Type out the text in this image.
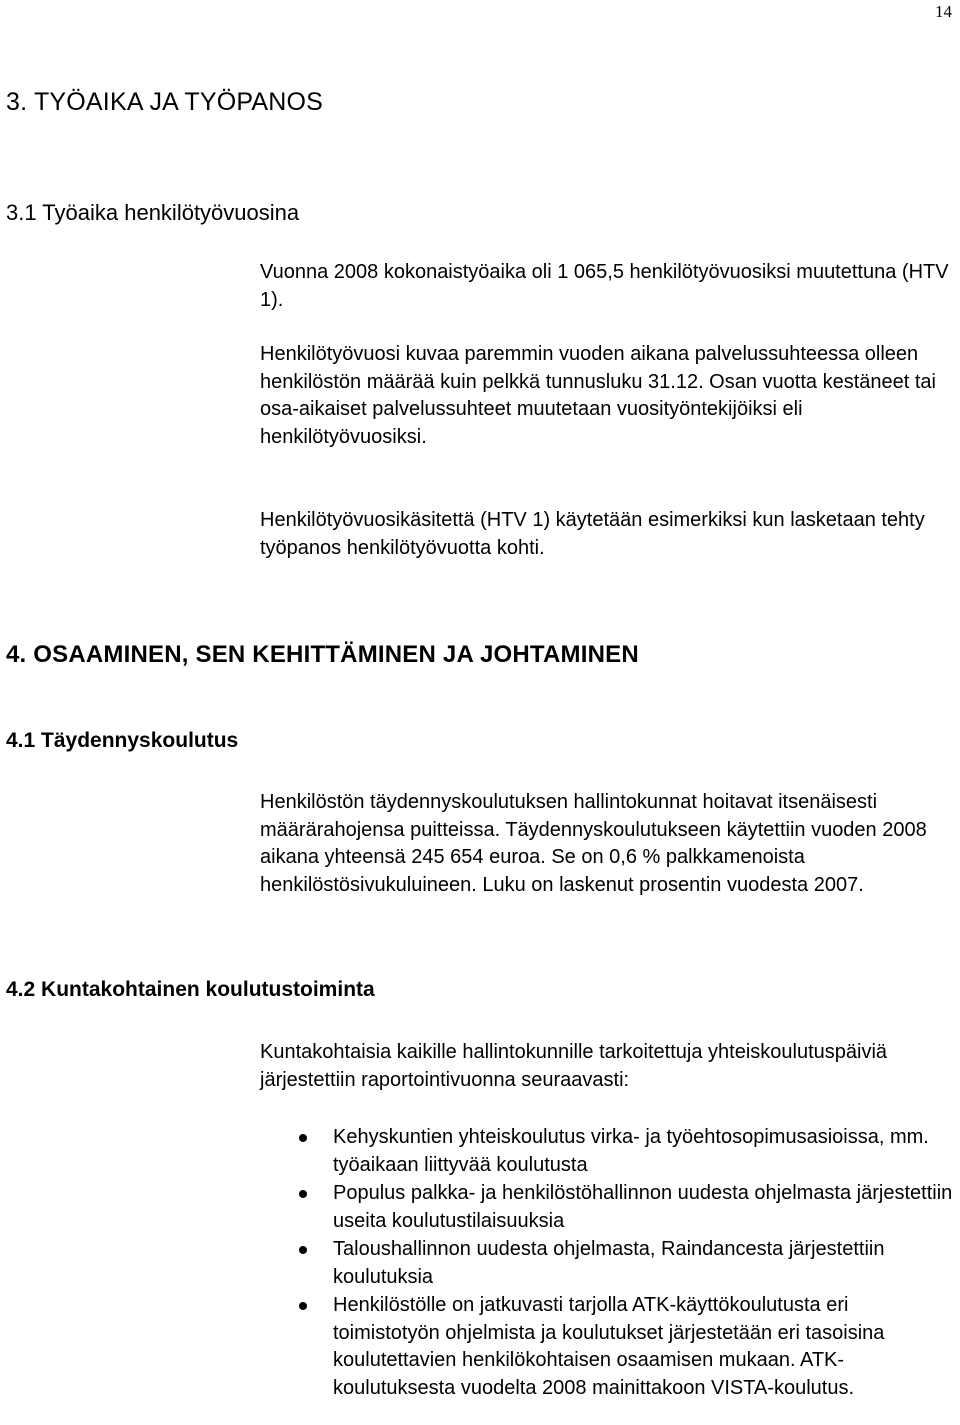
14
3. TYÖAIKA JA TYÖPANOS
3.1 Työaika henkilötyövuosina

Vuonna 2008 kokonaistyöaika oli 1 065,5 henkilötyövuosiksi muutettuna (HTV 1).

Henkilötyövuosi kuvaa paremmin vuoden aikana palvelussuhteessa olleen henkilöstön määrää kuin pelkkä tunnusluku 31.12. Osan vuotta kestäneet tai osa-aikaiset palvelussuhteet muutetaan vuosityöntekijöiksi eli henkilötyövuosiksi.

Henkilötyövuosikäsitettä (HTV 1) käytetään esimerkiksi kun lasketaan tehty työpanos henkilötyövuotta kohti.

4. OSAAMINEN, SEN KEHITTÄMINEN JA JOHTAMINEN
4.1 Täydennyskoulutus

Henkilöstön täydennyskoulutuksen hallintokunnat hoitavat itsenäisesti määrärahojensa puitteissa. Täydennyskoulutukseen käytettiin vuoden 2008 aikana yhteensä 245 654 euroa. Se on 0,6 % palkkamenoista henkilöstösivukuluineen. Luku on laskenut prosentin vuodesta 2007.

4.2 Kuntakohtainen koulutustoiminta

Kuntakohtaisia kaikille hallintokunnille tarkoitettuja yhteiskoulutuspäiviä järjestettiin raportointivuonna seuraavasti:

Kehyskuntien yhteiskoulutus virka- ja työehtosopimusasioissa, mm. työaikaan liittyvää koulutusta
Populus palkka- ja henkilöstöhallinnon uudesta ohjelmasta järjestettiin useita koulutustilaisuuksia
Taloushallinnon uudesta ohjelmasta, Raindancesta järjestettiin koulutuksia
Henkilöstölle on jatkuvasti tarjolla ATK-käyttökoulutusta eri toimistotyön ohjelmista ja koulutukset järjestetään eri tasoisina koulutettavien henkilökohtaisen osaamisen mukaan. ATK-koulutuksesta vuodelta 2008 mainittakoon VISTA-koulutus.
